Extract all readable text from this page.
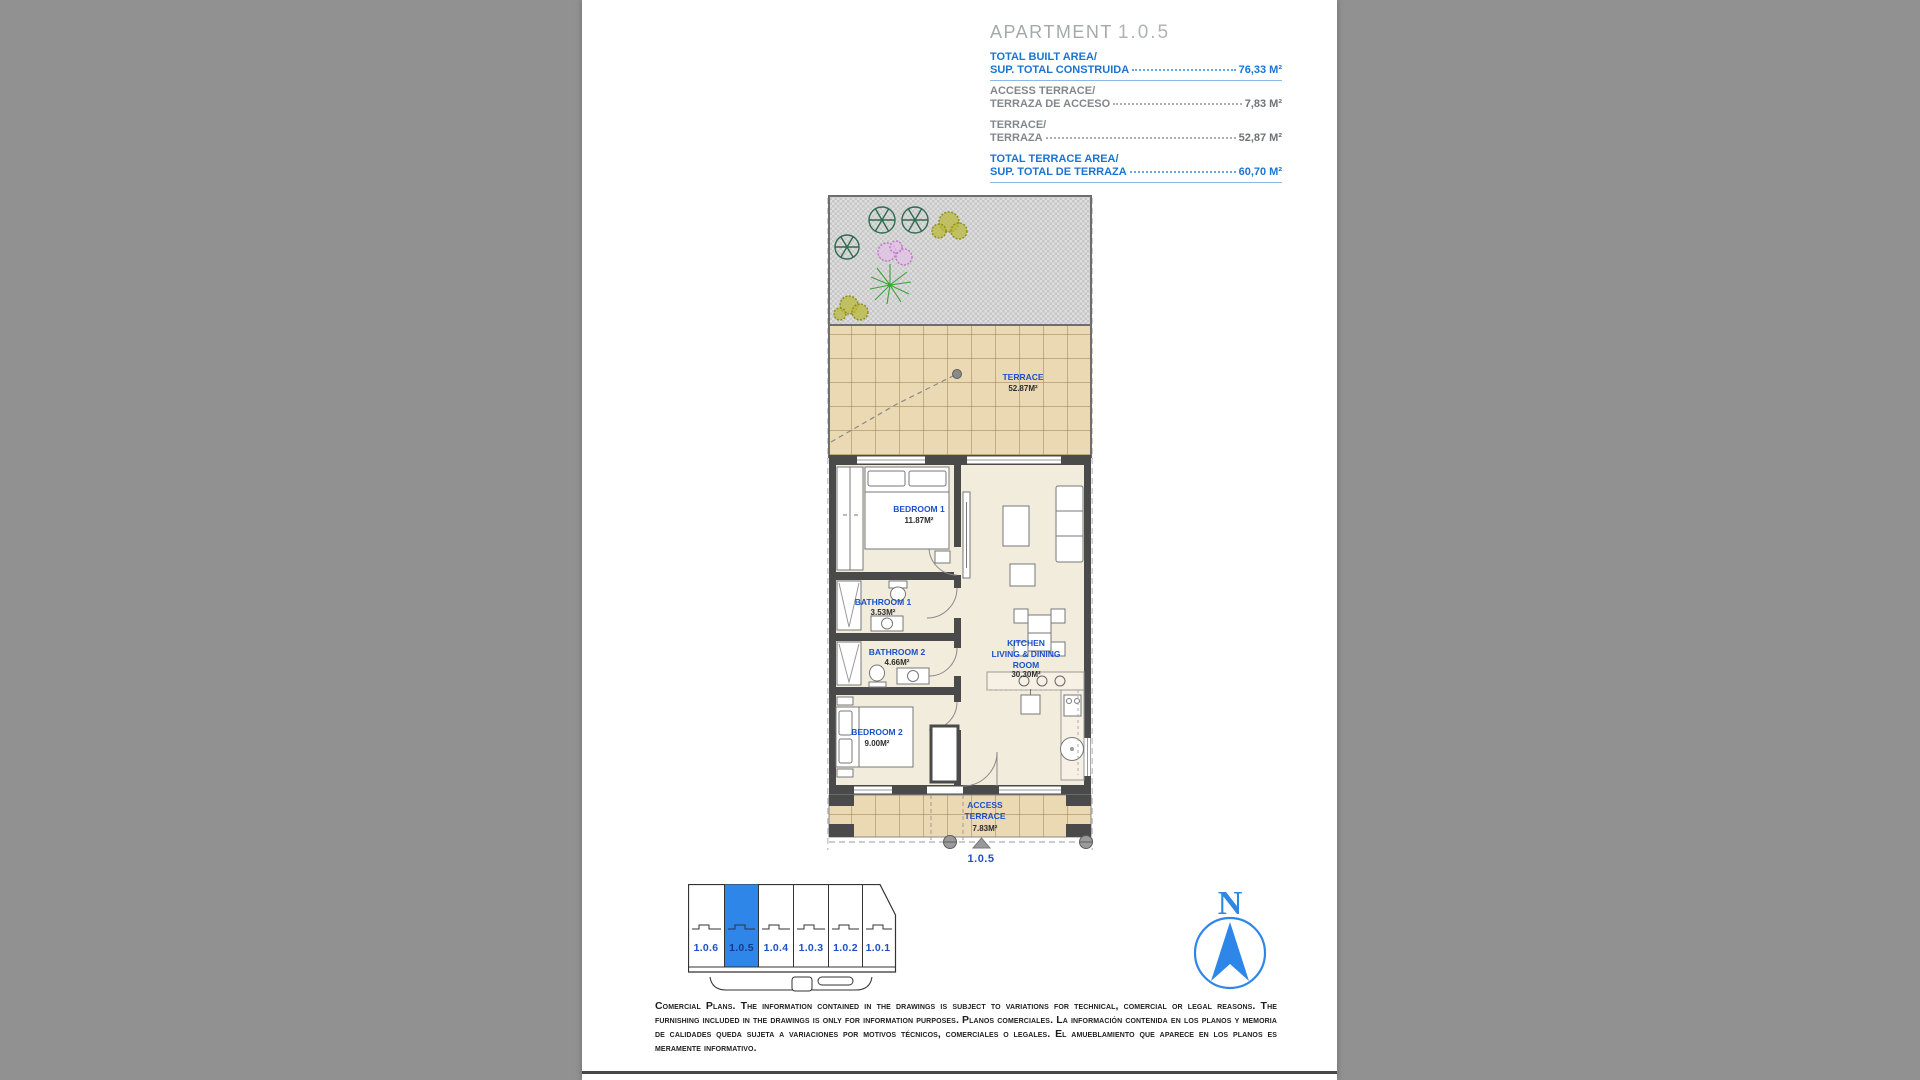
APARTMENT 1.0.5
TOTAL BUILT AREA/
SUP. TOTAL CONSTRUIDA	76,33 M²
ACCESS TERRACE/
TERRAZA DE ACCESO	7,83 M²
TERRACE/
TERRAZA	52,87 M²
TOTAL TERRACE AREA/
SUP. TOTAL DE TERRAZA	60,70 M²
TERRACE
52.87M²
BEDROOM 1
11.87M²
BATHROOM 1
3.53M²
BATHROOM 2
4.66M²
BEDROOM 2
9.00M²
KITCHEN
LIVING & DINING
ROOM
30.30M²
ACCESS
TERRACE
7.83M²
1.0.5
1.0.6 1.0.5 1.0.4 1.0.3 1.0.2 1.0.1
N

Comercial Plans. The information contained in the drawings is subject to variations for technical, comercial or legal reasons. The furnishing included in the drawings is only for information purposes. Planos comerciales. La información contenida en los planos y memoria de calidades queda sujeta a variaciones por motivos técnicos, comerciales o legales. El amueblamiento que aparece en los planos es meramente informativo.
